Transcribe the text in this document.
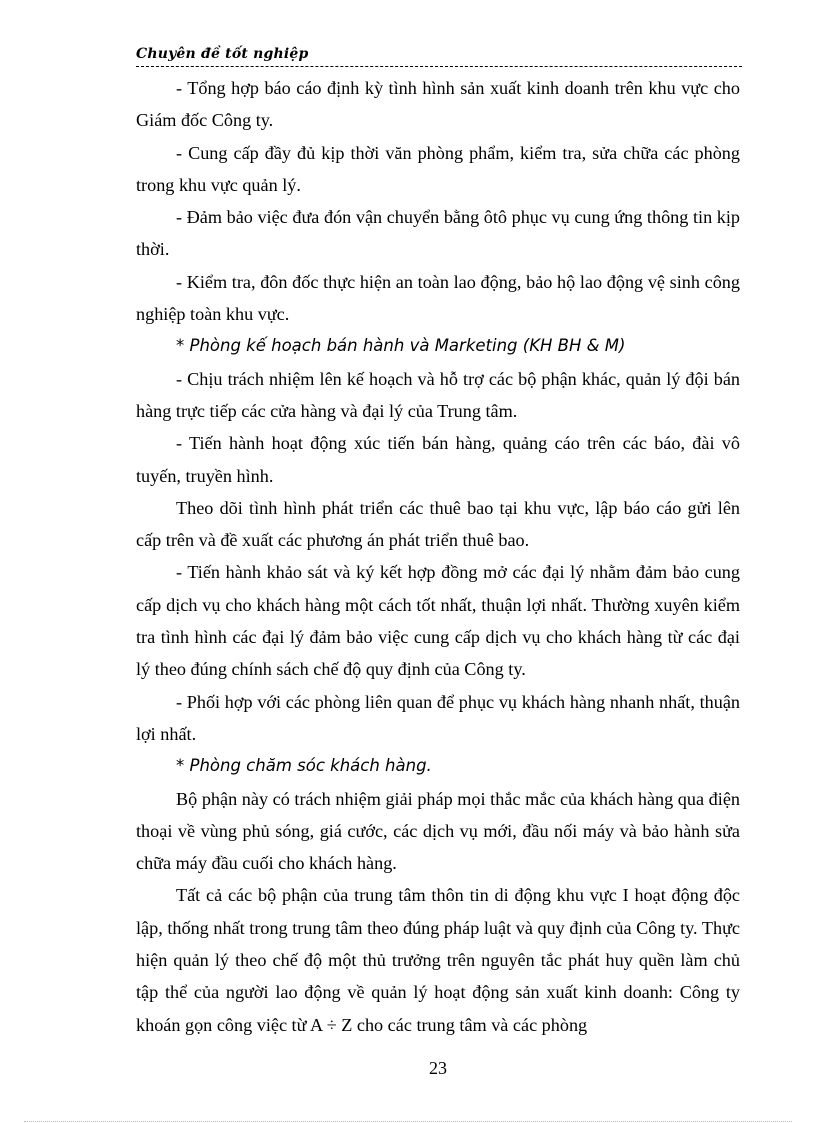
Chuyên đề tốt nghiệp

- Tổng hợp báo cáo định kỳ tình hình sản xuất kinh doanh trên khu vực cho Giám đốc Công ty.

- Cung cấp đầy đủ kịp thời văn phòng phẩm, kiểm tra, sửa chữa các phòng trong khu vực quản lý.

- Đảm bảo việc đưa đón vận chuyển bằng ôtô phục vụ cung ứng thông tin kịp thời.

- Kiểm tra, đôn đốc thực hiện an toàn lao động, bảo hộ lao động vệ sinh công nghiệp toàn khu vực.

* Phòng kế hoạch bán hành và Marketing (KH BH & M)

- Chịu trách nhiệm lên kế hoạch và hỗ trợ các bộ phận khác, quản lý đội bán hàng trực tiếp các cửa hàng và đại lý của Trung tâm.

- Tiến hành hoạt động xúc tiến bán hàng, quảng cáo trên các báo, đài vô tuyến, truyền hình.

Theo dõi tình hình phát triển các thuê bao tại khu vực, lập báo cáo gửi lên cấp trên và đề xuất các phương án phát triển thuê bao.

- Tiến hành khảo sát và ký kết hợp đồng mở các đại lý nhằm đảm bảo cung cấp dịch vụ cho khách hàng một cách tốt nhất, thuận lợi nhất. Thường xuyên kiểm tra tình hình các đại lý đảm bảo việc cung cấp dịch vụ cho khách hàng từ các đại lý theo đúng chính sách chế độ quy định của Công ty.

- Phối hợp với các phòng liên quan để phục vụ khách hàng nhanh nhất, thuận lợi nhất.

* Phòng chăm sóc khách hàng.

Bộ phận này có trách nhiệm giải pháp mọi thắc mắc của khách hàng qua điện thoại về vùng phủ sóng, giá cước, các dịch vụ mới, đầu nối máy và bảo hành sửa chữa máy đầu cuối cho khách hàng.

Tất cả các bộ phận của trung tâm thôn tin di động khu vực I hoạt động độc lập, thống nhất trong trung tâm theo đúng pháp luật và quy định của Công ty. Thực hiện quản lý theo chế độ một thủ trưởng trên nguyên tắc phát huy quền làm chủ tập thể của người lao động về quản lý hoạt động sản xuất kinh doanh: Công ty khoán gọn công việc từ A ÷ Z cho các trung tâm và các phòng

23
